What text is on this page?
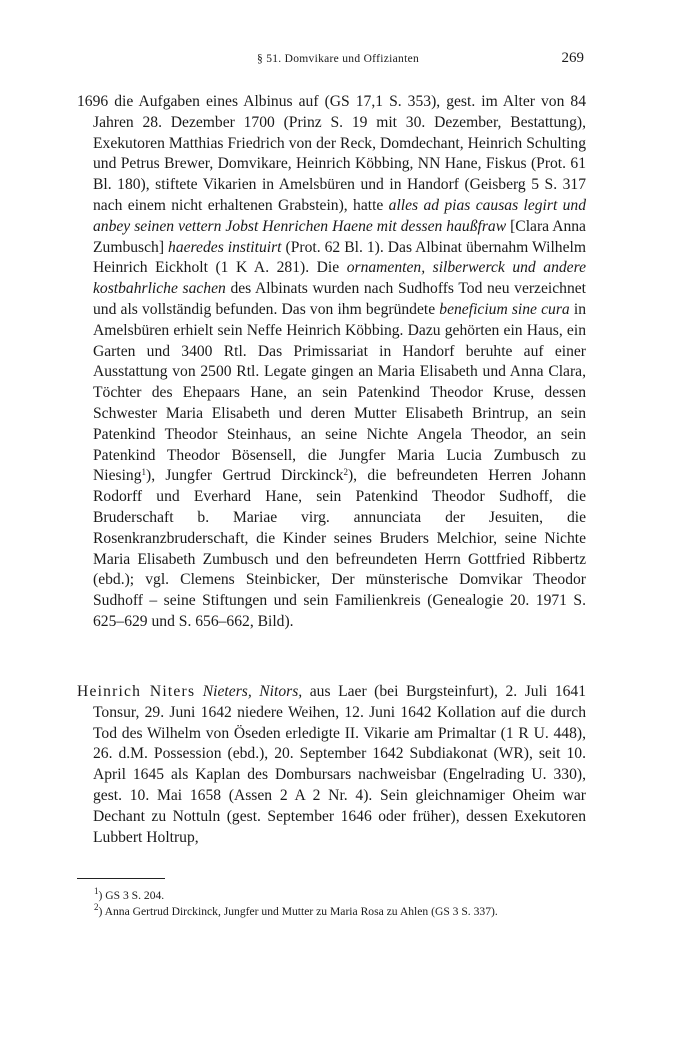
§ 51. Domvikare und Offizianten	269

1696 die Aufgaben eines Albinus auf (GS 17,1 S. 353), gest. im Alter von 84 Jahren 28. Dezember 1700 (Prinz S. 19 mit 30. Dezember, Bestattung), Exekutoren Matthias Friedrich von der Reck, Domdechant, Heinrich Schulting und Petrus Brewer, Domvikare, Heinrich Köbbing, NN Hane, Fiskus (Prot. 61 Bl. 180), stiftete Vikarien in Amelsbüren und in Handorf (Geisberg 5 S. 317 nach einem nicht erhaltenen Grabstein), hatte alles ad pias causas legirt und anbey seinen vettern Jobst Henrichen Haene mit dessen haußfraw [Clara Anna Zumbusch] haeredes instituirt (Prot. 62 Bl. 1). Das Albinat übernahm Wilhelm Heinrich Eickholt (1 K A. 281). Die ornamenten, silberwerck und andere kostbahrliche sachen des Albinats wurden nach Sudhoffs Tod neu verzeichnet und als vollständig befunden. Das von ihm begründete beneficium sine cura in Amelsbüren erhielt sein Neffe Heinrich Köbbing. Dazu gehörten ein Haus, ein Garten und 3400 Rtl. Das Primissariat in Handorf beruhte auf einer Ausstattung von 2500 Rtl. Legate gingen an Maria Elisabeth und Anna Clara, Töchter des Ehepaars Hane, an sein Patenkind Theodor Kruse, dessen Schwester Maria Elisabeth und deren Mutter Elisabeth Brintrup, an sein Patenkind Theodor Steinhaus, an seine Nichte Angela Theodor, an sein Patenkind Theodor Bösensell, die Jungfer Maria Lucia Zumbusch zu Niesing$^1$), Jungfer Gertrud Dirckinck$^2$), die befreundeten Herren Johann Rodorff und Everhard Hane, sein Patenkind Theodor Sudhoff, die Bruderschaft b. Mariae virg. annunciata der Jesuiten, die Rosenkranzbruderschaft, die Kinder seines Bruders Melchior, seine Nichte Maria Elisabeth Zumbusch und den befreundeten Herrn Gottfried Ribbertz (ebd.); vgl. Clemens Steinbicker, Der münsterische Domvikar Theodor Sudhoff – seine Stiftungen und sein Familienkreis (Genealogie 20. 1971 S. 625–629 und S. 656–662, Bild).

Heinrich Niters Nieters, Nitors, aus Laer (bei Burgsteinfurt), 2. Juli 1641 Tonsur, 29. Juni 1642 niedere Weihen, 12. Juni 1642 Kollation auf die durch Tod des Wilhelm von Öseden erledigte II. Vikarie am Primaltar (1 R U. 448), 26. d.M. Possession (ebd.), 20. September 1642 Subdiakonat (WR), seit 10. April 1645 als Kaplan des Dombursars nachweisbar (Engelrading U. 330), gest. 10. Mai 1658 (Assen 2 A 2 Nr. 4). Sein gleichnamiger Oheim war Dechant zu Nottuln (gest. September 1646 oder früher), dessen Exekutoren Lubbert Holtrup,

$^1$) GS 3 S. 204.

$^2$) Anna Gertrud Dirckinck, Jungfer und Mutter zu Maria Rosa zu Ahlen (GS 3 S. 337).
